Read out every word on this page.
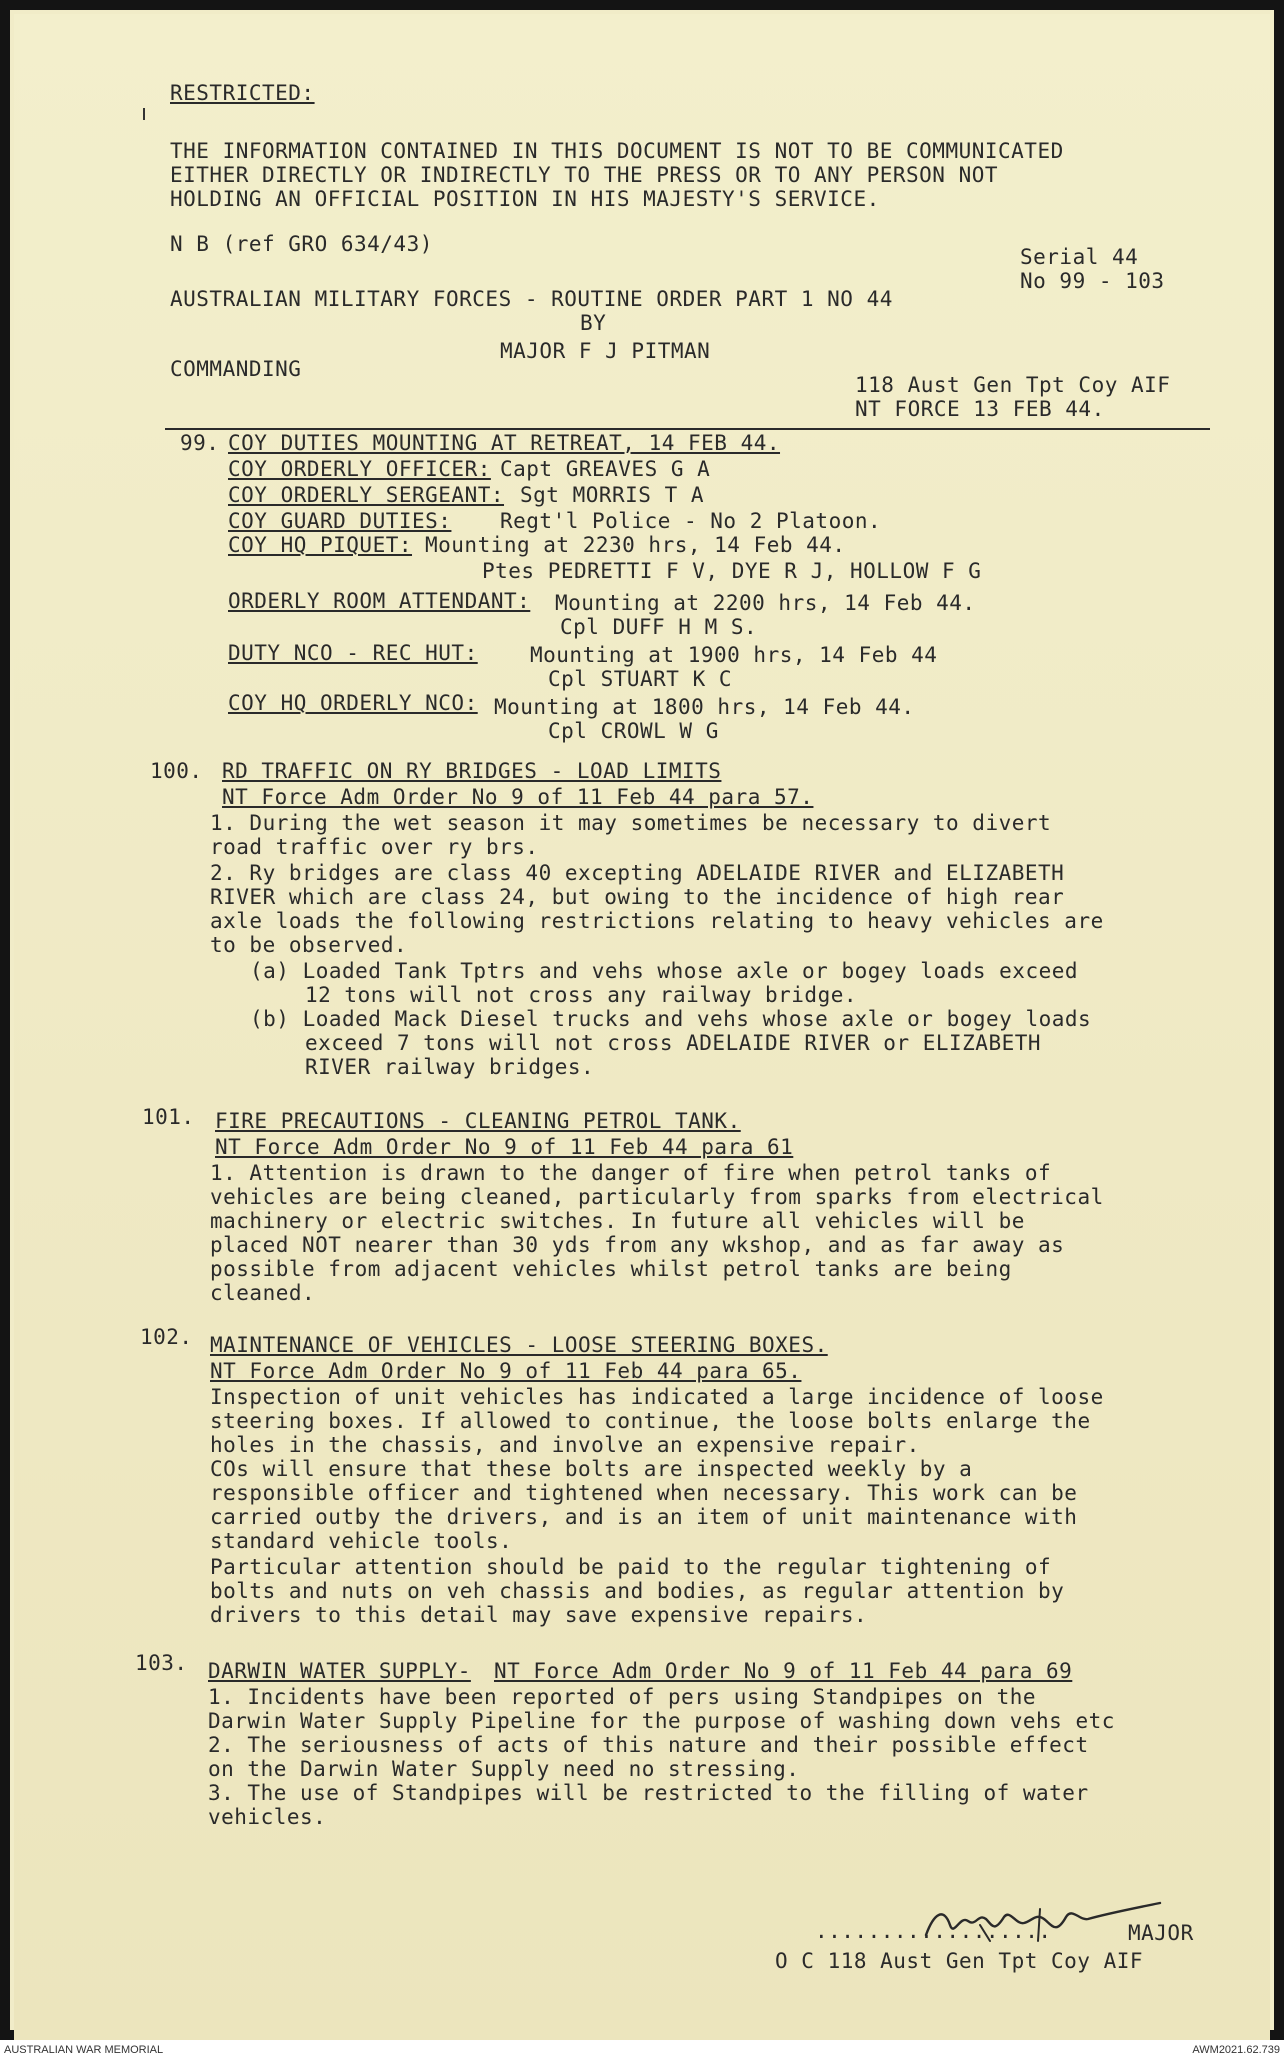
RESTRICTED:
THE INFORMATION CONTAINED IN THIS DOCUMENT IS NOT TO BE COMMUNICATED
EITHER DIRECTLY OR INDIRECTLY TO THE PRESS OR TO ANY PERSON NOT
HOLDING AN OFFICIAL POSITION IN HIS MAJESTY'S SERVICE.
N B (ref GRO 634/43)
Serial 44
No 99 - 103
AUSTRALIAN MILITARY FORCES - ROUTINE ORDER PART 1 NO 44
BY
MAJOR F J PITMAN
COMMANDING
118 Aust Gen Tpt Coy AIF
NT FORCE 13 FEB 44.
99. COY DUTIES MOUNTING AT RETREAT, 14 FEB 44.
COY ORDERLY OFFICER: Capt GREAVES G A
COY ORDERLY SERGEANT: Sgt MORRIS T A
COY GUARD DUTIES: Regt'l Police - No 2 Platoon.
COY HQ PIQUET: Mounting at 2230 hrs, 14 Feb 44.
Ptes PEDRETTI F V, DYE R J, HOLLOW F G
ORDERLY ROOM ATTENDANT: Mounting at 2200 hrs, 14 Feb 44.
Cpl DUFF H M S.
DUTY NCO - REC HUT: Mounting at 1900 hrs, 14 Feb 44
Cpl STUART K C
COY HQ ORDERLY NCO: Mounting at 1800 hrs, 14 Feb 44.
Cpl CROWL W G
100. RD TRAFFIC ON RY BRIDGES - LOAD LIMITS
NT Force Adm Order No 9 of 11 Feb 44 para 57.
1. During the wet season it may sometimes be necessary to divert
road traffic over ry brs.
2. Ry bridges are class 40 excepting ADELAIDE RIVER and ELIZABETH
RIVER which are class 24, but owing to the incidence of high rear
axle loads the following restrictions relating to heavy vehicles are
to be observed.
(a) Loaded Tank Tptrs and vehs whose axle or bogey loads exceed
12 tons will not cross any railway bridge.
(b) Loaded Mack Diesel trucks and vehs whose axle or bogey loads
exceed 7 tons will not cross ADELAIDE RIVER or ELIZABETH
RIVER railway bridges.
101. FIRE PRECAUTIONS - CLEANING PETROL TANK.
NT Force Adm Order No 9 of 11 Feb 44 para 61
1. Attention is drawn to the danger of fire when petrol tanks of
vehicles are being cleaned, particularly from sparks from electrical
machinery or electric switches. In future all vehicles will be
placed NOT nearer than 30 yds from any wkshop, and as far away as
possible from adjacent vehicles whilst petrol tanks are being
cleaned.
102. MAINTENANCE OF VEHICLES - LOOSE STEERING BOXES.
NT Force Adm Order No 9 of 11 Feb 44 para 65.
Inspection of unit vehicles has indicated a large incidence of loose
steering boxes. If allowed to continue, the loose bolts enlarge the
holes in the chassis, and involve an expensive repair.
COs will ensure that these bolts are inspected weekly by a
responsible officer and tightened when necessary. This work can be
carried outby the drivers, and is an item of unit maintenance with
standard vehicle tools.
Particular attention should be paid to the regular tightening of
bolts and nuts on veh chassis and bodies, as regular attention by
drivers to this detail may save expensive repairs.
103. DARWIN WATER SUPPLY- NT Force Adm Order No 9 of 11 Feb 44 para 69
1. Incidents have been reported of pers using Standpipes on the
Darwin Water Supply Pipeline for the purpose of washing down vehs etc
2. The seriousness of acts of this nature and their possible effect
on the Darwin Water Supply need no stressing.
3. The use of Standpipes will be restricted to the filling of water
vehicles.
..................	MAJOR
O C 118 Aust Gen Tpt Coy AIF
AUSTRALIAN WAR MEMORIAL	AWM2021.62.739
